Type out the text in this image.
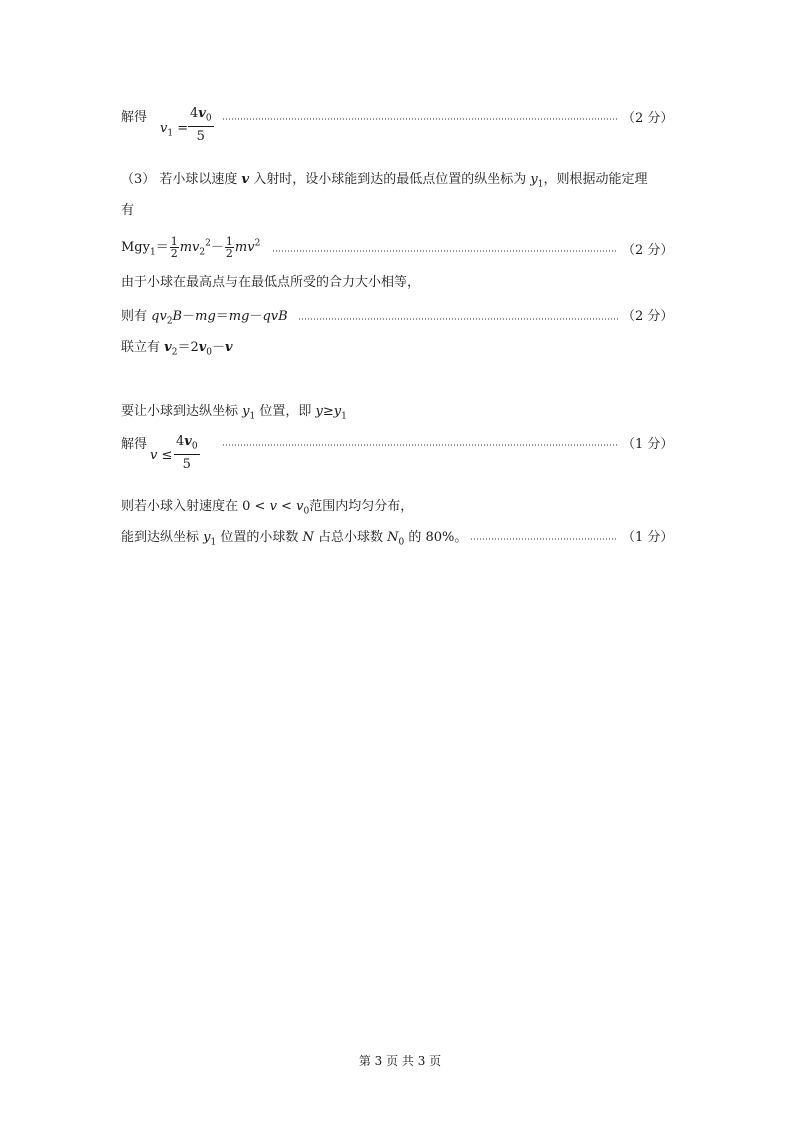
解得
$v_1 = \frac{4v_0}{5}$	（2 分）
（3） 若小球以速度 v 入射时，设小球能到达的最低点位置的纵坐标为 $y_1$，则根据动能定理
有
$Mgy_1= \frac{1}{2} mv_2^2- \frac{1}{2} mv^2$	（2 分）
由于小球在最高点与在最低点所受的合力大小相等，
则有 $qv_2B-mg=mg-qvB$	（2 分）
联立有 $v_2=2v_0-v$
要让小球到达纵坐标 $y_1$ 位置，即 $y\ge y_1$
解得
$v \le \frac{4v_0}{5}$	（1 分）
则若小球入射速度在 $0 < v < v_0$范围内均匀分布，
能到达纵坐标 $y_1$ 位置的小球数 N 占总小球数 $N_0$ 的 80%。	（1 分）
第 3 页 共 3 页
